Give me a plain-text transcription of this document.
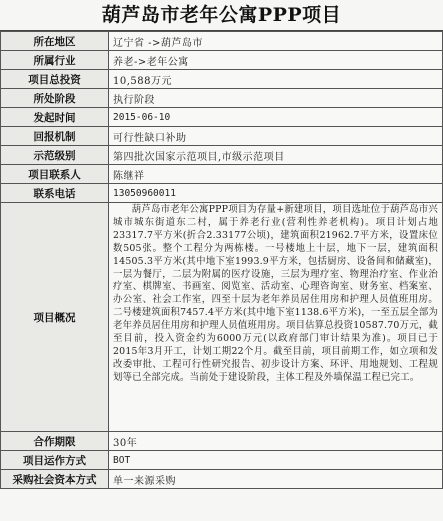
葫芦岛市老年公寓PPP项目
所在地区	辽宁省 ->葫芦岛市
所属行业	养老->老年公寓
项目总投资	10,588万元
所处阶段	执行阶段
发起时间	2015-06-10
回报机制	可行性缺口补助
示范级别	第四批次国家示范项目,市级示范项目
项目联系人	陈继祥
联系电话	13050960011
项目概况	葫芦岛市老年公寓PPP项目为存量+新建项目，项目选址位于葫芦岛市兴城市城东街道东二村，属于养老行业(营利性养老机构)。项目计划占地23317.7平方米(折合2.33177公顷)，建筑面积21962.7平方米，设置床位数505张。整个工程分为两栋楼。一号楼地上十层，地下一层，建筑面积14505.3平方米(其中地下室1993.9平方米，包括厨房、设备间和储藏室)，一层为餐厅，二层为附属的医疗设施，三层为理疗室、物理治疗室、作业治疗室、棋牌室、书画室、阅览室、活动室、心理咨询室、财务室、档案室、办公室、社会工作室，四至十层为老年养员居住用房和护理人员值班用房。二号楼建筑面积7457.4平方米(其中地下室1138.6平方米)，一至五层全部为老年养员居住用房和护理人员值班用房。项目估算总投资10587.70万元，截至目前，投入资金约为6000万元(以政府部门审计结果为准)。项目已于2015年3月开工，计划工期22个月。截至目前，项目前期工作，如立项和发改委审批、工程可行性研究报告、初步设计方案、环评、用地规划、工程规划等已全部完成。当前处于建设阶段，主体工程及外墙保温工程已完工。
合作期限	30年
项目运作方式	BOT
采购社会资本方式	单一来源采购
